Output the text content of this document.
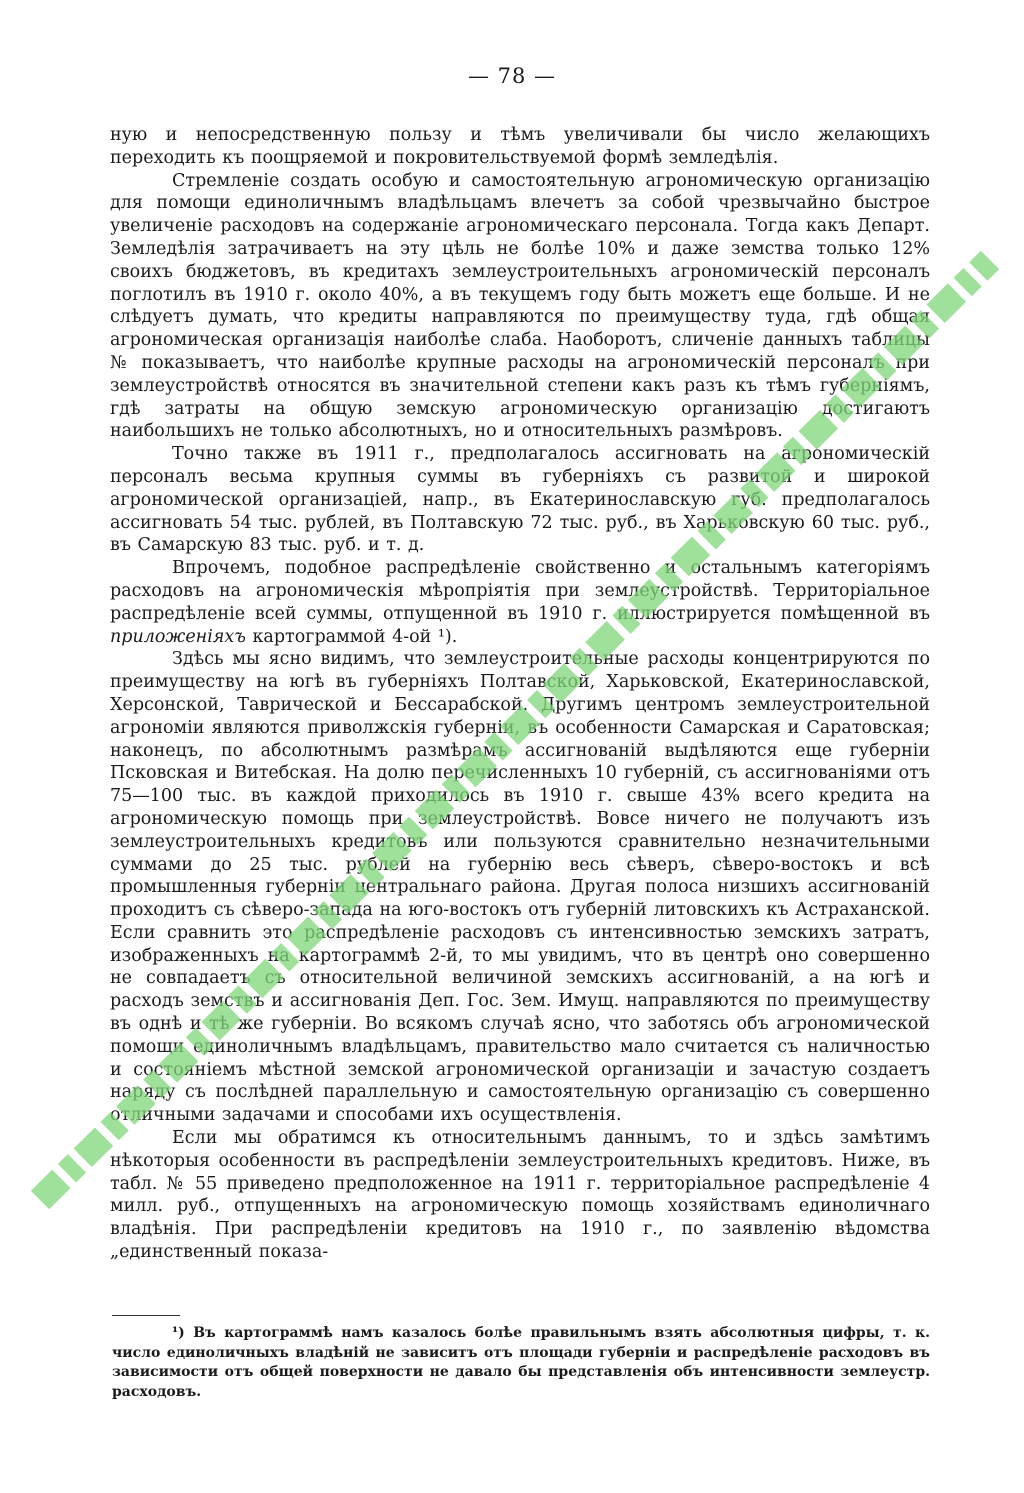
— 78 —

ную и непосредственную пользу и тѣмъ увеличивали бы число желающихъ переходить къ поощряемой и покровительствуемой формѣ земледѣлія.

Стремленіе создать особую и самостоятельную агрономическую организацію для помощи единоличнымъ владѣльцамъ влечетъ за собой чрезвычайно быстрое увеличеніе расходовъ на содержаніе агрономическаго персонала. Тогда какъ Департ. Земледѣлія затрачиваетъ на эту цѣль не болѣе 10% и даже земства только 12% своихъ бюджетовъ, въ кредитахъ землеустроительныхъ агрономическій персоналъ поглотилъ въ 1910 г. около 40%, а въ текущемъ году быть можетъ еще больше. И не слѣдуетъ думать, что кредиты направляются по преимуществу туда, гдѣ общая агрономическая организація наиболѣе слаба. Наоборотъ, сличеніе данныхъ таблицы № показываетъ, что наиболѣе крупные расходы на агрономическій персоналъ при землеустройствѣ относятся въ значительной степени какъ разъ къ тѣмъ губерніямъ, гдѣ затраты на общую земскую агрономическую организацію достигаютъ наибольшихъ не только абсолютныхъ, но и относительныхъ размѣровъ.

Точно также въ 1911 г., предполагалось ассигновать на агрономическій персоналъ весьма крупныя суммы въ губерніяхъ съ развитой и широкой агрономической организаціей, напр., въ Екатеринославскую губ. предполагалось ассигновать 54 тыс. рублей, въ Полтавскую 72 тыс. руб., въ Харьковскую 60 тыс. руб., въ Самарскую 83 тыс. руб. и т. д.

Впрочемъ, подобное распредѣленіе свойственно и остальнымъ категоріямъ расходовъ на агрономическія мѣропріятія при землеустройствѣ. Территоріальное распредѣленіе всей суммы, отпущенной въ 1910 г. иллюстрируется помѣщенной въ приложеніяхъ картограммой 4-ой ¹).

Здѣсь мы ясно видимъ, что землеустроительные расходы концентрируются по преимуществу на югѣ въ губерніяхъ Полтавской, Харьковской, Екатеринославской, Херсонской, Таврической и Бессарабской. Другимъ центромъ землеустроительной агрономіи являются приволжскія губерніи, въ особенности Самарская и Саратовская; наконецъ, по абсолютнымъ размѣрамъ ассигнованій выдѣляются еще губерніи Псковская и Витебская. На долю перечисленныхъ 10 губерній, съ ассигнованіями отъ 75—100 тыс. въ каждой приходилось въ 1910 г. свыше 43% всего кредита на агрономическую помощь при землеустройствѣ. Вовсе ничего не получаютъ изъ землеустроительныхъ кредитовъ или пользуются сравнительно незначительными суммами до 25 тыс. рублей на губернію весь сѣверъ, сѣверо-востокъ и всѣ промышленныя губерніи центральнаго района. Другая полоса низшихъ ассигнованій проходитъ съ сѣверо-запада на юго-востокъ отъ губерній литовскихъ къ Астраханской. Если сравнить это распредѣленіе расходовъ съ интенсивностью земскихъ затратъ, изображенныхъ на картограммѣ 2-й, то мы увидимъ, что въ центрѣ оно совершенно не совпадаетъ съ относительной величиной земскихъ ассигнованій, а на югѣ и расходъ земствъ и ассигнованія Деп. Гос. Зем. Имущ. направляются по преимуществу въ однѣ и тѣ же губерніи. Во всякомъ случаѣ ясно, что заботясь объ агрономической помощи единоличнымъ владѣльцамъ, правительство мало считается съ наличностью и состояніемъ мѣстной земской агрономической организаціи и зачастую создаетъ наряду съ послѣдней параллельную и самостоятельную организацію съ совершенно отличными задачами и способами ихъ осуществленія.

Если мы обратимся къ относительнымъ даннымъ, то и здѣсь замѣтимъ нѣкоторыя особенности въ распредѣленіи землеустроительныхъ кредитовъ. Ниже, въ табл. № 55 приведено предположенное на 1911 г. территоріальное распредѣленіе 4 милл. руб., отпущенныхъ на агрономическую помощь хозяйствамъ единоличнаго владѣнія. При распредѣленіи кредитовъ на 1910 г., по заявленію вѣдомства „единственный показа-

¹) Въ картограммѣ намъ казалось болѣе правильнымъ взять абсолютныя цифры, т. к. число единоличныхъ владѣній не зависитъ отъ площади губерніи и распредѣленіе расходовъ въ зависимости отъ общей поверхности не давало бы представленія объ интенсивности землеустр. расходовъ.
